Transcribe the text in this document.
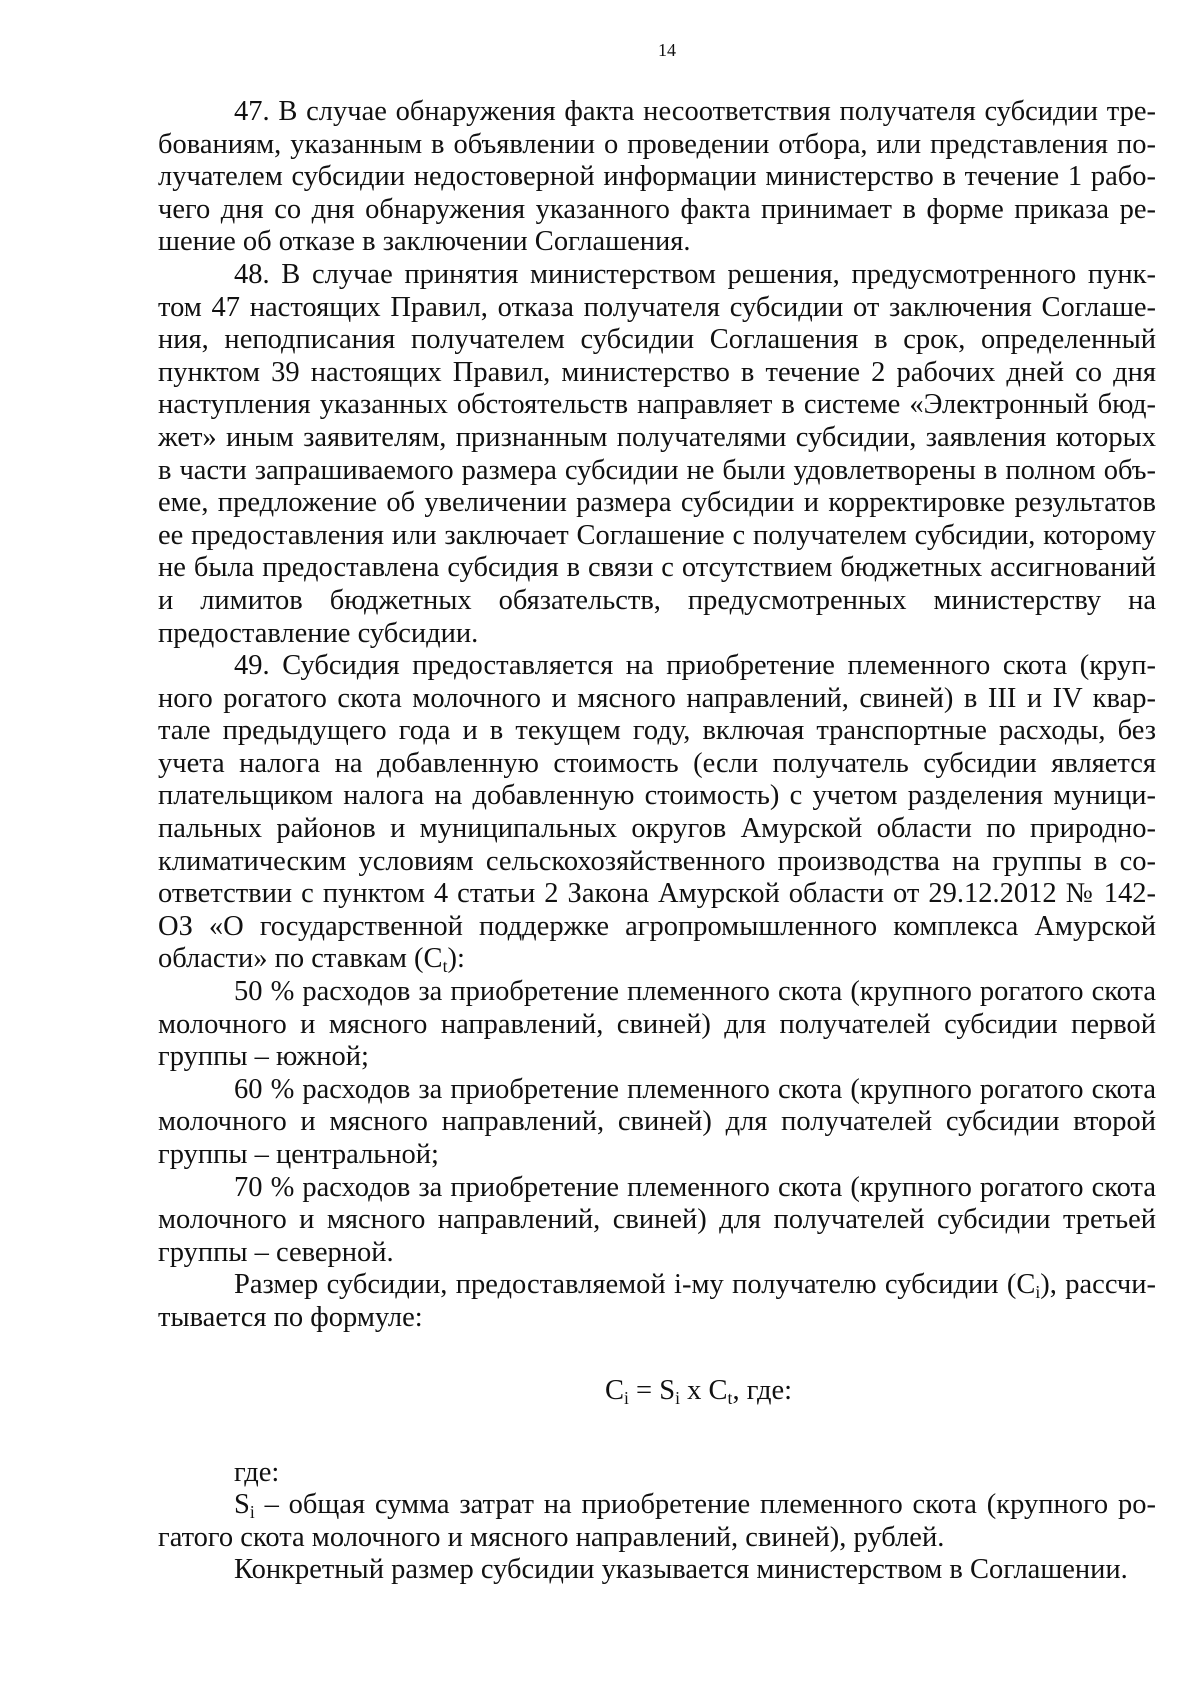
14

47. В случае обнаружения факта несоответствия получателя субсидии требованиям, указанным в объявлении о проведении отбора, или представления получателем субсидии недостоверной информации министерство в течение 1 рабочего дня со дня обнаружения указанного факта принимает в форме приказа решение об отказе в заключении Соглашения.

48. В случае принятия министерством решения, предусмотренного пунктом 47 настоящих Правил, отказа получателя субсидии от заключения Соглашения, неподписания получателем субсидии Соглашения в срок, определенный пунктом 39 настоящих Правил, министерство в течение 2 рабочих дней со дня наступления указанных обстоятельств направляет в системе «Электронный бюджет» иным заявителям, признанным получателями субсидии, заявления которых в части запрашиваемого размера субсидии не были удовлетворены в полном объеме, предложение об увеличении размера субсидии и корректировке результатов ее предоставления или заключает Соглашение с получателем субсидии, которому не была предоставлена субсидия в связи с отсутствием бюджетных ассигнований и лимитов бюджетных обязательств, предусмотренных министерству на предоставление субсидии.

49. Субсидия предоставляется на приобретение племенного скота (крупного рогатого скота молочного и мясного направлений, свиней) в III и IV квартале предыдущего года и в текущем году, включая транспортные расходы, без учета налога на добавленную стоимость (если получатель субсидии является плательщиком налога на добавленную стоимость) с учетом разделения муниципальных районов и муниципальных округов Амурской области по природно-климатическим условиям сельскохозяйственного производства на группы в соответствии с пунктом 4 статьи 2 Закона Амурской области от 29.12.2012 № 142-ОЗ «О государственной поддержке агропромышленного комплекса Амурской области» по ставкам $(C_t)$:

50 % расходов за приобретение племенного скота (крупного рогатого скота молочного и мясного направлений, свиней) для получателей субсидии первой группы – южной;

60 % расходов за приобретение племенного скота (крупного рогатого скота молочного и мясного направлений, свиней) для получателей субсидии второй группы – центральной;

70 % расходов за приобретение племенного скота (крупного рогатого скота молочного и мясного направлений, свиней) для получателей субсидии третьей группы – северной.

Размер субсидии, предоставляемой i-му получателю субсидии $(C_i)$, рассчитывается по формуле:

$C_i = S_i$ x $C_t$, где:

где:

$S_i$ – общая сумма затрат на приобретение племенного скота (крупного рогатого скота молочного и мясного направлений, свиней), рублей.

Конкретный размер субсидии указывается министерством в Соглашении.
